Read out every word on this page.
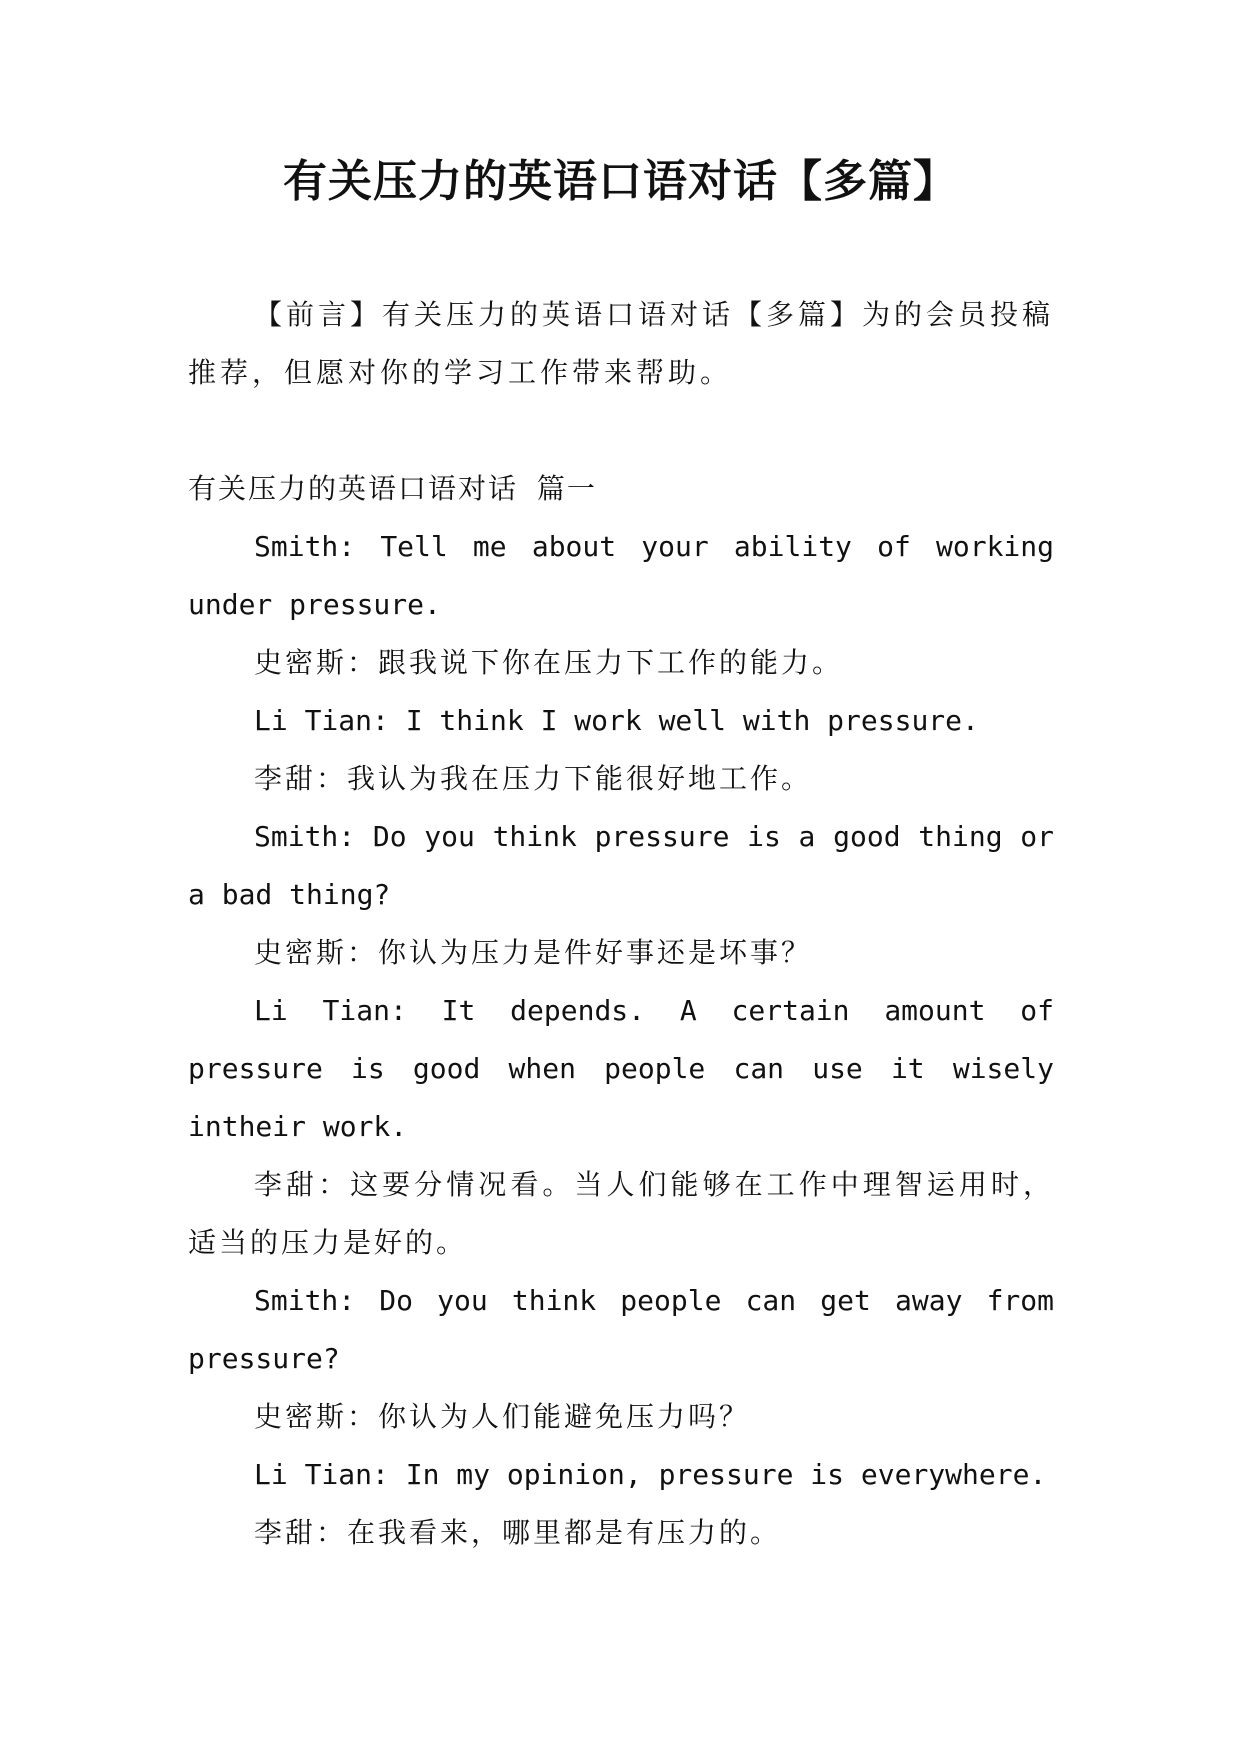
有关压力的英语口语对话【多篇】

【前言】有关压力的英语口语对话【多篇】为的会员投稿推荐，但愿对你的学习工作带来帮助。

有关压力的英语口语对话 篇一

Smith: Tell me about your ability of working under pressure.

史密斯：跟我说下你在压力下工作的能力。

Li Tian: I think I work well with pressure.

李甜：我认为我在压力下能很好地工作。

Smith: Do you think pressure is a good thing or a bad thing?

史密斯：你认为压力是件好事还是坏事？

Li Tian: It depends. A certain amount of pressure is good when people can use it wisely intheir work.

李甜：这要分情况看。当人们能够在工作中理智运用时，适当的压力是好的。

Smith: Do you think people can get away from pressure?

史密斯：你认为人们能避免压力吗？

Li Tian: In my opinion, pressure is everywhere.

李甜：在我看来，哪里都是有压力的。
